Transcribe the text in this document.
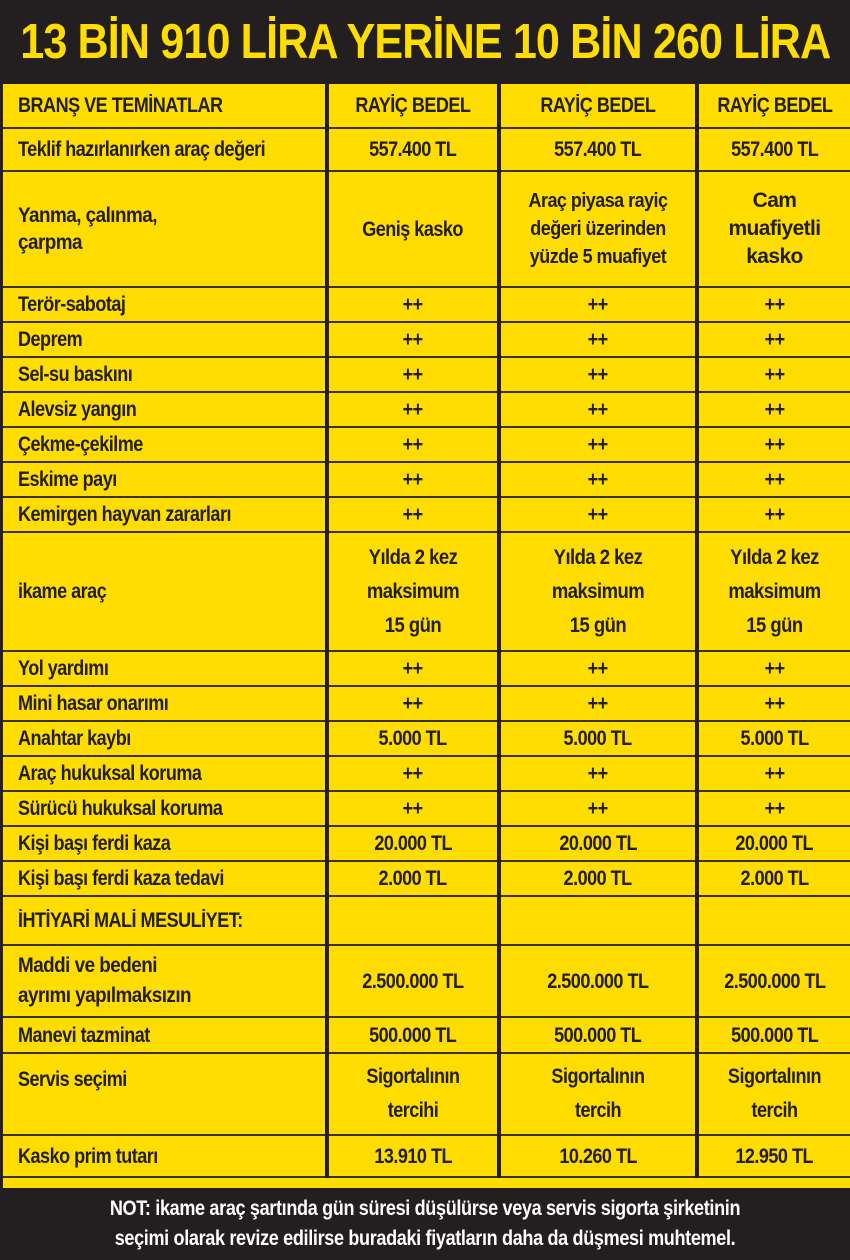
13 BİN 910 LİRA YERİNE 10 BİN 260 LİRA
BRANŞ VE TEMİNATLAR	RAYİÇ BEDEL	RAYİÇ BEDEL	RAYİÇ BEDEL
Teklif hazırlanırken araç değeri	557.400 TL	557.400 TL	557.400 TL

Yanma, çalınma, çarpma	Geniş kasko	Araç piyasa rayiç değeri üzerinden yüzde 5 muafiyet	Cam muafiyetli kasko

Terör-sabotaj	++	++	++
Deprem	++	++	++
Sel-su baskını	++	++	++
Alevsiz yangın	++	++	++
Çekme-çekilme	++	++	++
Eskime payı	++	++	++
Kemirgen hayvan zararları	++	++	++
ikame araç	Yılda 2 kez maksimum 15 gün	Yılda 2 kez maksimum 15 gün	Yılda 2 kez maksimum 15 gün

Yol yardımı	++	++	++
Mini hasar onarımı	++	++	++
Anahtar kaybı	5.000 TL	5.000 TL	5.000 TL
Araç hukuksal koruma	++	++	++
Sürücü hukuksal koruma	++	++	++
Kişi başı ferdi kaza	20.000 TL	20.000 TL	20.000 TL
Kişi başı ferdi kaza tedavi	2.000 TL	2.000 TL	2.000 TL
İHTİYARİ MALİ MESULİYET:			

Maddi ve bedeni ayrımı yapılmaksızın	2.500.000 TL	2.500.000 TL	2.500.000 TL
Manevi tazminat	500.000 TL	500.000 TL	500.000 TL
Servis seçimi	Sigortalının tercihi	Sigortalının tercih	Sigortalının tercih

Kasko prim tutarı	13.910 TL	10.260 TL	12.950 TL
NOT: ikame araç şartında gün süresi düşülürse veya servis sigorta şirketinin
seçimi olarak revize edilirse buradaki fiyatların daha da düşmesi muhtemel.
